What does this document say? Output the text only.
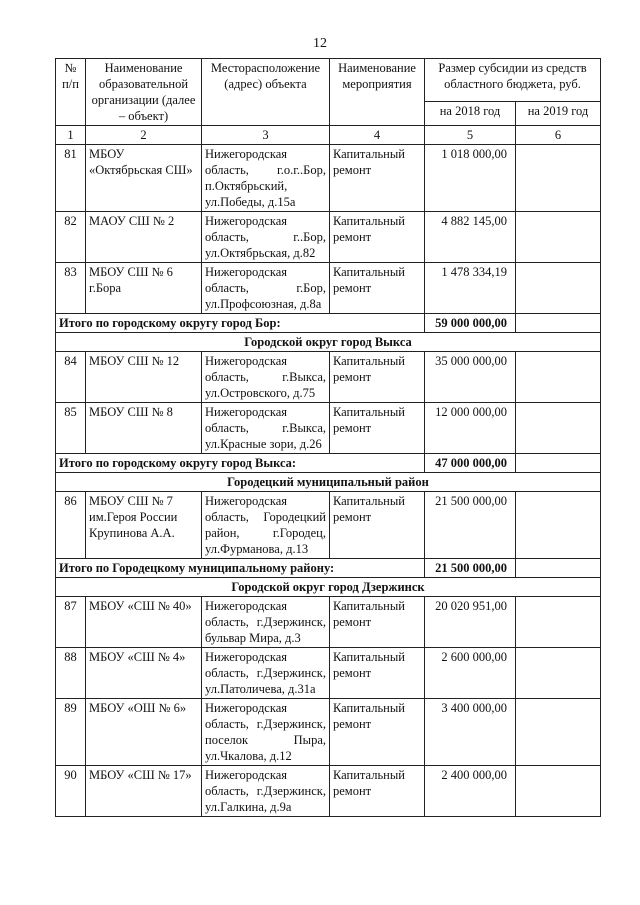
12
№
п/п	Наименование образовательной организации (далее – объект)	Месторасположение (адрес) объекта	Наименование мероприятия	Размер субсидии из средств областного бюджета, руб.	
				на 2018 год	на 2019 год
1	2	3	4	5	6
81	МБОУ «Октябрьская СШ»	Нижегородская область, г.о.г..Бор, п.Октябрьский, ул.Победы, д.15а	Капитальный ремонт	1 018 000,00	
82	МАОУ СШ № 2	Нижегородская область, г..Бор, ул.Октябрьская, д.82	Капитальный ремонт	4 882 145,00	
83	МБОУ СШ № 6 г.Бора	Нижегородская область, г.Бор, ул.Профсоюзная, д.8а	Капитальный ремонт	1 478 334,19	
Итого по городскому округу город Бор:				59 000 000,00	
Городской округ город Выкса					
84	МБОУ СШ № 12	Нижегородская область, г.Выкса, ул.Островского, д.75	Капитальный ремонт	35 000 000,00	
85	МБОУ СШ № 8	Нижегородская область, г.Выкса, ул.Красные зори, д.26	Капитальный ремонт	12 000 000,00	
Итого по городскому округу город Выкса:				47 000 000,00	
Городецкий муниципальный район					
86	МБОУ СШ № 7 им.Героя России Крупинова А.А.	Нижегородская область, Городецкий район, г.Городец, ул.Фурманова, д.13	Капитальный ремонт	21 500 000,00	
Итого по Городецкому муниципальному району:				21 500 000,00	
Городской округ город Дзержинск					
87	МБОУ «СШ № 40»	Нижегородская область, г.Дзержинск, бульвар Мира, д.3	Капитальный ремонт	20 020 951,00	
88	МБОУ «СШ № 4»	Нижегородская область, г.Дзержинск, ул.Патоличева, д.31а	Капитальный ремонт	2 600 000,00	
89	МБОУ «ОШ № 6»	Нижегородская область, г.Дзержинск, поселок Пыра, ул.Чкалова, д.12	Капитальный ремонт	3 400 000,00	
90	МБОУ «СШ № 17»	Нижегородская область, г.Дзержинск, ул.Галкина, д.9а	Капитальный ремонт	2 400 000,00	
